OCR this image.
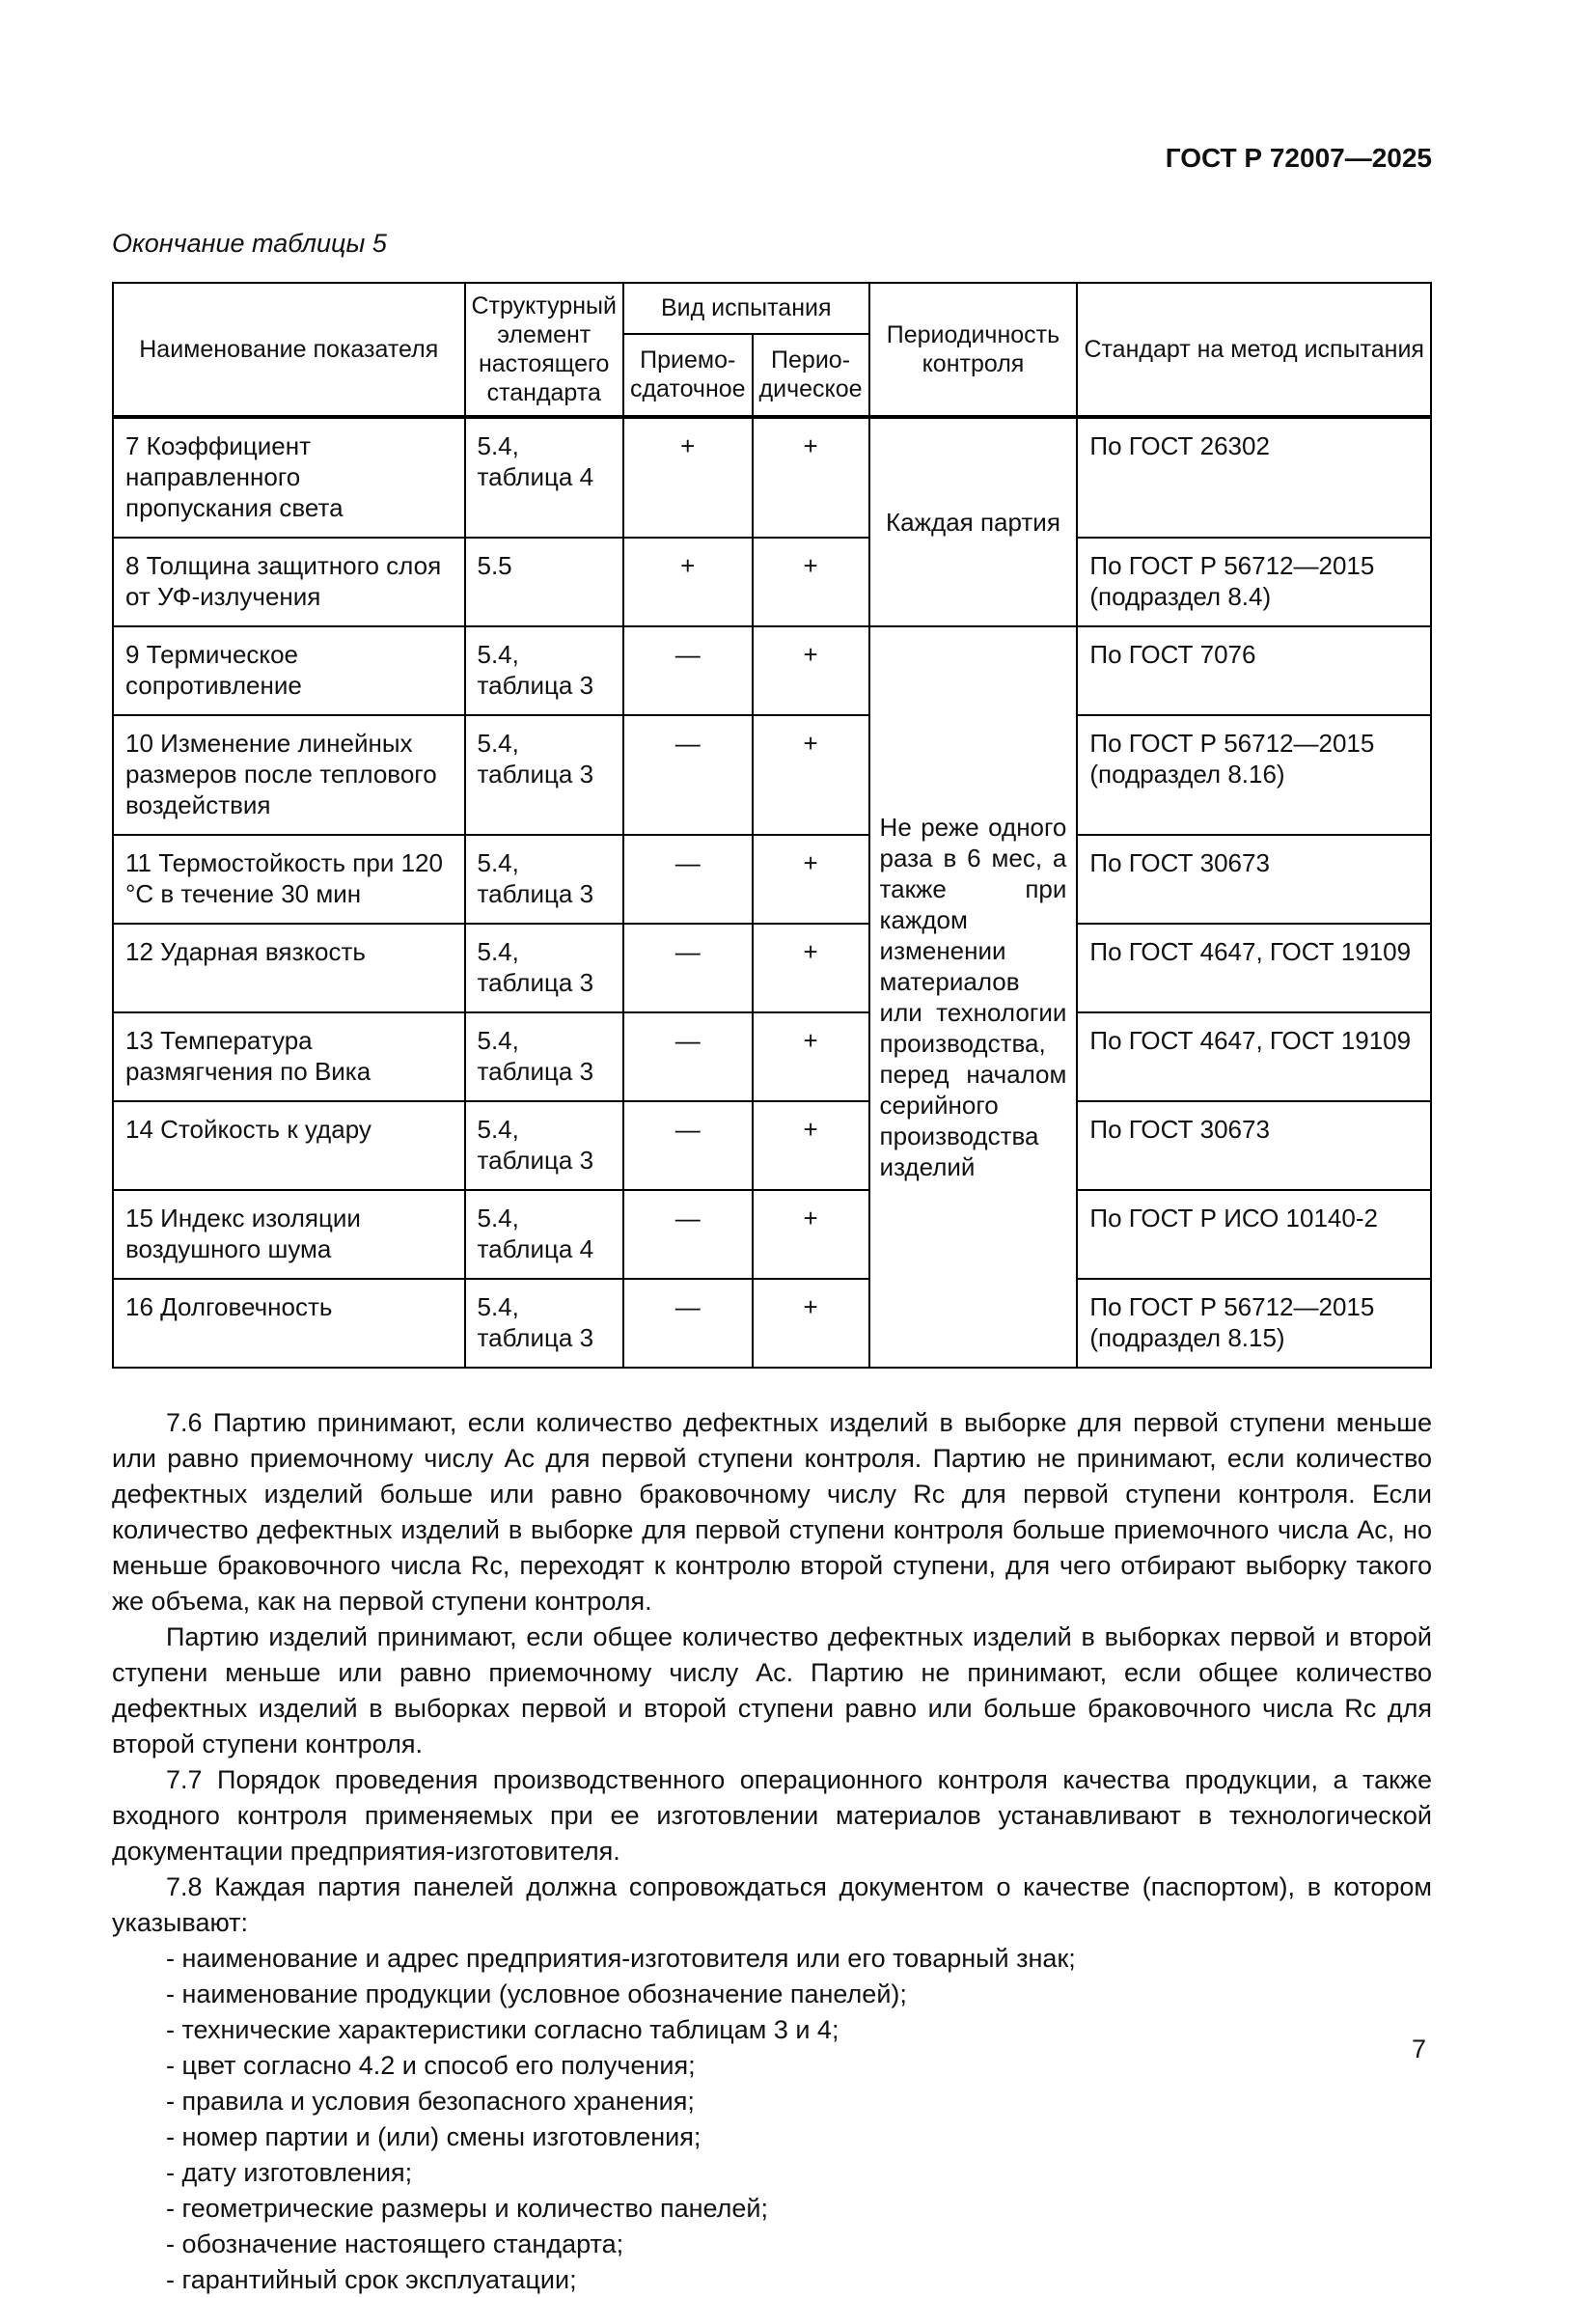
ГОСТ Р 72007—2025
Окончание таблицы 5
Наименование показателя	Структурный элемент настоящего стандарта	Вид испытания		Периодичность контроля	Стандарт на метод испытания
		Приемо-сдаточное	Перио-дическое		
7 Коэффициент направленного пропускания света	5.4, таблица 4	+	+	Каждая партия	По ГОСТ 26302
8 Толщина защитного слоя от УФ-излучения	5.5	+	+		По ГОСТ Р 56712—2015 (подраздел 8.4)
9 Термическое сопротивление	5.4, таблица 3	—	+	Не реже одного раза в 6 мес, а также при каждом изменении материалов или технологии производства, перед началом серийного производства изделий	По ГОСТ 7076
10 Изменение линейных размеров после теплового воздействия	5.4, таблица 3	—	+		По ГОСТ Р 56712—2015 (подраздел 8.16)
11 Термостойкость при 120 °С в течение 30 мин	5.4, таблица 3	—	+		По ГОСТ 30673
12 Ударная вязкость	5.4, таблица 3	—	+		По ГОСТ 4647, ГОСТ 19109
13 Температура размягчения по Вика	5.4, таблица 3	—	+		По ГОСТ 4647, ГОСТ 19109
14 Стойкость к удару	5.4, таблица 3	—	+		По ГОСТ 30673
15 Индекс изоляции воздушного шума	5.4, таблица 4	—	+		По ГОСТ Р ИСО 10140-2
16 Долговечность	5.4, таблица 3	—	+		По ГОСТ Р 56712—2015 (подраздел 8.15)

7.6 Партию принимают, если количество дефектных изделий в выборке для первой ступени меньше или равно приемочному числу Ас для первой ступени контроля. Партию не принимают, если количество дефектных изделий больше или равно браковочному числу Rc для первой ступени контроля. Если количество дефектных изделий в выборке для первой ступени контроля больше приемочного числа Ас, но меньше браковочного числа Rc, переходят к контролю второй ступени, для чего отбирают выборку такого же объема, как на первой ступени контроля.

Партию изделий принимают, если общее количество дефектных изделий в выборках первой и второй ступени меньше или равно приемочному числу Ас. Партию не принимают, если общее количество дефектных изделий в выборках первой и второй ступени равно или больше браковочного числа Rc для второй ступени контроля.

7.7 Порядок проведения производственного операционного контроля качества продукции, а также входного контроля применяемых при ее изготовлении материалов устанавливают в технологической документации предприятия-изготовителя.

7.8 Каждая партия панелей должна сопровождаться документом о качестве (паспортом), в котором указывают:

- наименование и адрес предприятия-изготовителя или его товарный знак;
- наименование продукции (условное обозначение панелей);
- технические характеристики согласно таблицам 3 и 4;
- цвет согласно 4.2 и способ его получения;
- правила и условия безопасного хранения;
- номер партии и (или) смены изготовления;
- дату изготовления;
- геометрические размеры и количество панелей;
- обозначение настоящего стандарта;
- гарантийный срок эксплуатации;
7
